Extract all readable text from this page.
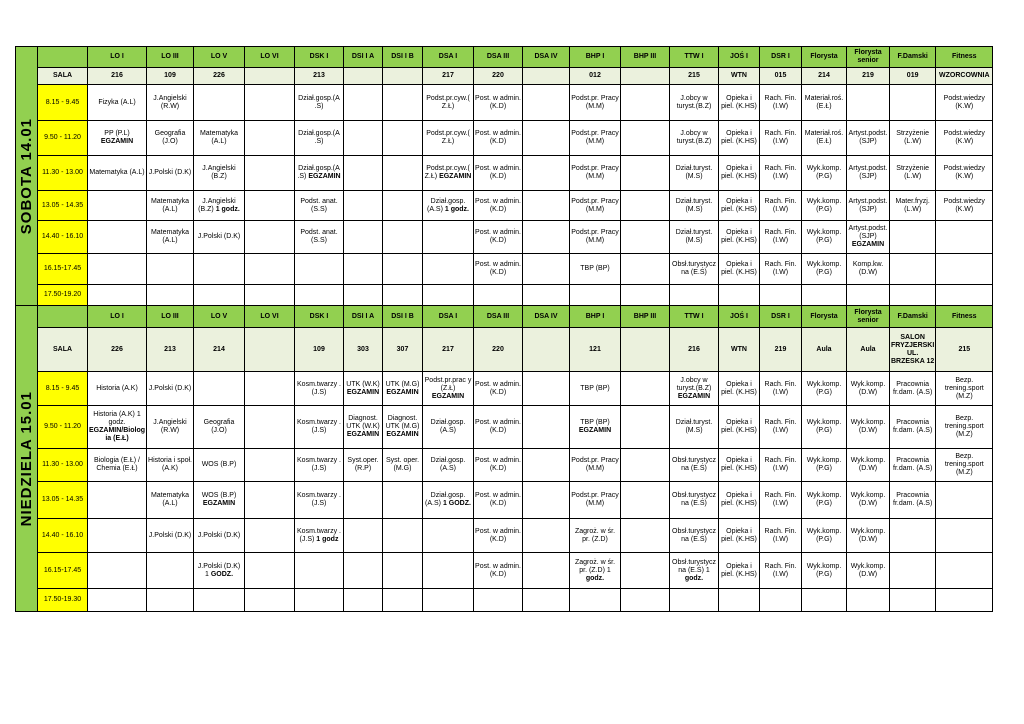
SOBOTA 14.01		LO I	LO III	LO V	LO VI	DSK I	DSI I A	DSI I B	DSA I	DSA III	DSA IV	BHP I	BHP III	TTW I	JOŚ I	DSR I	Florysta	Florysta senior	F.Damski	Fitness
	SALA	216	109	226		213			217	220		012		215	WTN	015	214	219	019	WZORCOWNIA
	8.15 - 9.45	Fizyka (A.L)	J.Angielski (R.W)			Dział.gosp.(A .S)			Podst.pr.cyw.( Z.Ł)	Post. w admin. (K.D)		Podst.pr. Pracy (M.M)		J.obcy w turyst.(B.Z)	Opieka i piel. (K.HS)	Rach. Fin. (I.W)	Materiał.roś. (E.Ł)			Podst.wiedzy (K.W)
	9.50 - 11.20	PP (P.L) EGZAMIN	Geografia (J.O)	Matematyka (A.L)		Dział.gosp.(A .S)			Podst.pr.cyw.( Z.Ł)	Post. w admin. (K.D)		Podst.pr. Pracy (M.M)		J.obcy w turyst.(B.Z)	Opieka i piel. (K.HS)	Rach. Fin. (I.W)	Materiał.roś. (E.Ł)	Artyst.podst. (SJP)	Strzyżenie (L.W)	Podst.wiedzy (K.W)
	11.30 - 13.00	Matematyka (A.L)	J.Polski (D.K)	J.Angielski (B.Z)		Dział.gosp.(A .S) EGZAMIN			Podst.pr.cyw.( Z.Ł) EGZAMIN	Post. w admin. (K.D)		Podst.pr. Pracy (M.M)		Dział.turyst. (M.S)	Opieka i piel. (K.HS)	Rach. Fin. (I.W)	Wyk.komp. (P.G)	Artyst.podst. (SJP)	Strzyżenie (L.W)	Podst.wiedzy (K.W)
	13.05 - 14.35		Matematyka (A.L)	J.Angielski (B.Z) 1 godz.		Podst. anat. (S.S)			Dział.gosp. (A.S) 1 godz.	Post. w admin. (K.D)		Podst.pr. Pracy (M.M)		Dział.turyst. (M.S)	Opieka i piel. (K.HS)	Rach. Fin. (I.W)	Wyk.komp. (P.G)	Artyst.podst. (SJP)	Mater.fryzj. (L.W)	Podst.wiedzy (K.W)
	14.40 - 16.10		Matematyka (A.L)	J.Polski (D.K)		Podst. anat. (S.S)				Post. w admin. (K.D)		Podst.pr. Pracy (M.M)		Dział.turyst. (M.S)	Opieka i piel. (K.HS)	Rach. Fin. (I.W)	Wyk.komp. (P.G)	Artyst.podst. (SJP) EGZAMIN		
	16.15-17.45									Post. w admin. (K.D)		TBP (BP)		Obsł.turystycz na (E.Ś)	Opieka i piel. (K.HS)	Rach. Fin. (I.W)	Wyk.komp. (P.G)	Komp.kw. (D.W)		
	17.50-19.20																			

NIEDZIELA 15.01		LO I	LO III	LO V	LO VI	DSK I	DSI I A	DSI I B	DSA I	DSA III	DSA IV	BHP I	BHP III	TTW I	JOŚ I	DSR I	Florysta	Florysta senior	F.Damski	Fitness
	SALA	226	213	214		109	303	307	217	220		121		216	WTN	219	Aula	Aula	SALON FRYZJERSKI UL. BRZESKA 12	215
	8.15 - 9.45	Historia (A.K)	J.Polski (D.K)			Kosm.twarzy . (J.S)	UTK (W.K) EGZAMIN	UTK (M.G) EGZAMIN	Podst.pr.prac y (Z.Ł) EGZAMIN	Post. w admin. (K.D)		TBP (BP)		J.obcy w turyst.(B.Z) EGZAMIN	Opieka i piel. (K.HS)	Rach. Fin. (I.W)	Wyk.komp. (P.G)	Wyk.komp. (D.W)	Pracownia fr.dam. (A.S)	Bezp. trening.sport (M.Z)
	9.50 - 11.20	Historia (A.K) 1 godz. EGZAMIN/Biolog ia (E.Ł)	J.Angielski (R.W)	Geografia (J.O)		Kosm.twarzy . (J.S)	Diagnost. UTK (W.K) EGZAMIN	Diagnost. UTK (M.G) EGZAMIN	Dział.gosp. (A.S)	Post. w admin. (K.D)		TBP (BP) EGZAMIN		Dział.turyst. (M.S)	Opieka i piel. (K.HS)	Rach. Fin. (I.W)	Wyk.komp. (P.G)	Wyk.komp. (D.W)	Pracownia fr.dam. (A.S)	Bezp. trening.sport (M.Z)
	11.30 - 13.00	Biologia (E.Ł) / Chemia (E.Ł)	Historia i społ. (A.K)	WOS (B.P)		Kosm.twarzy . (J.S)	Syst.oper. (R.P)	Syst. oper. (M.G)	Dział.gosp. (A.S)	Post. w admin. (K.D)		Podst.pr. Pracy (M.M)		Obsł.turystycz na (E.Ś)	Opieka i piel. (K.HS)	Rach. Fin. (I.W)	Wyk.komp. (P.G)	Wyk.komp. (D.W)	Pracownia fr.dam. (A.S)	Bezp. trening.sport (M.Z)
	13.05 - 14.35		Matematyka (A.L)	WOS (B.P) EGZAMIN		Kosm.twarzy . (J.S)			Dział.gosp. (A.S) 1 GODZ.	Post. w admin. (K.D)		Podst.pr. Pracy (M.M)		Obsł.turystycz na (E.Ś)	Opieka i piel. (K.HS)	Rach. Fin. (I.W)	Wyk.komp. (P.G)	Wyk.komp. (D.W)	Pracownia fr.dam. (A.S)	
	14.40 - 16.10		J.Polski (D.K)	J.Polski (D.K)		Kosm.twarzy . (J.S) 1 godz				Post. w admin. (K.D)		Zagroż. w śr. pr. (Z.D)		Obsł.turystycz na (E.Ś)	Opieka i piel. (K.HS)	Rach. Fin. (I.W)	Wyk.komp. (P.G)	Wyk.komp. (D.W)		
	16.15-17.45			J.Polski (D.K) 1 GODZ.						Post. w admin. (K.D)		Zagroż. w śr. pr. (Z.D) 1 godz.		Obsł.turystycz na (E.Ś) 1 godz.	Opieka i piel. (K.HS)	Rach. Fin. (I.W)	Wyk.komp. (P.G)	Wyk.komp. (D.W)		
	17.50-19.30																			
